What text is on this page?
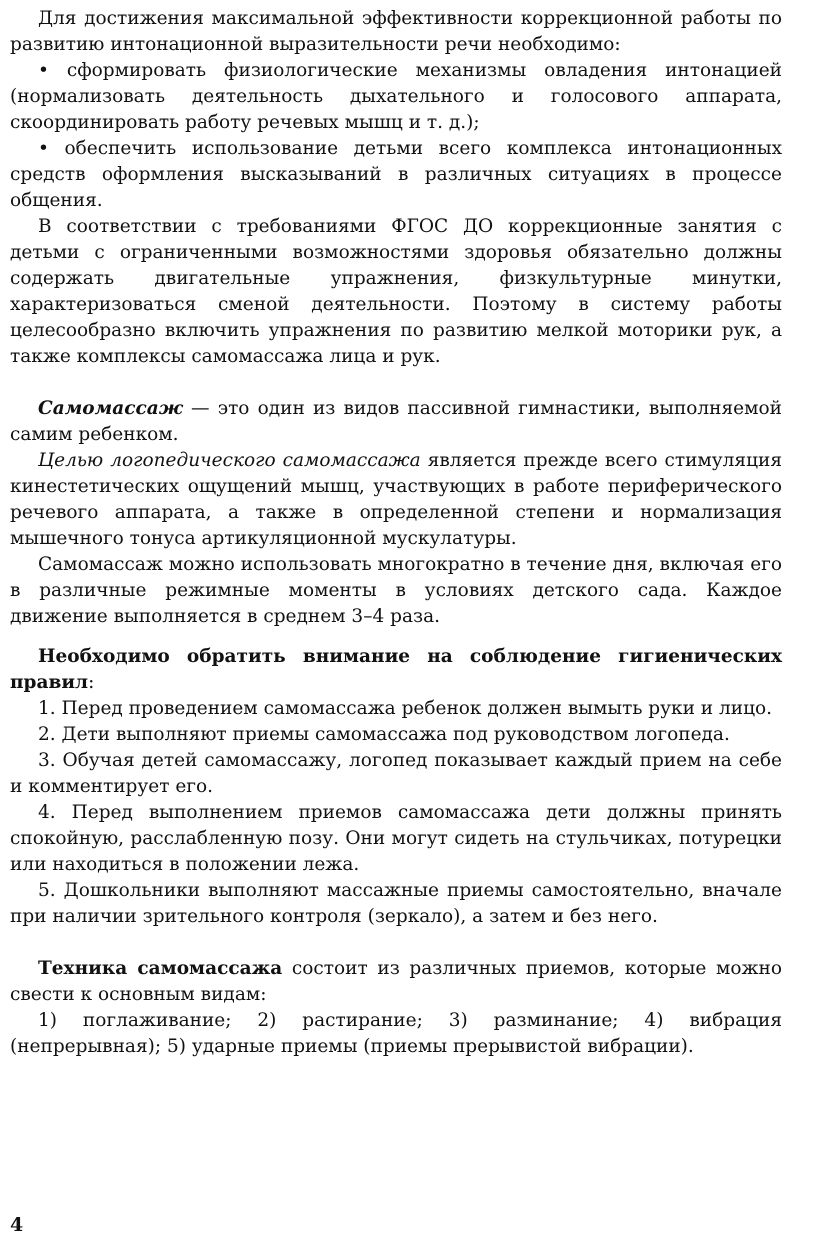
Для достижения максимальной эффективности коррекционной работы по развитию интонационной выразительности речи необходимо:

• сформировать физиологические механизмы овладения интонацией (нормализовать деятельность дыхательного и голосового аппарата, скоординировать работу речевых мышц и т. д.);

• обеспечить использование детьми всего комплекса интонационных средств оформления высказываний в различных ситуациях в процессе общения.

В соответствии с требованиями ФГОС ДО коррекционные занятия с детьми с ограниченными возможностями здоровья обязательно должны содержать двигательные упражнения, физкультурные минутки, характеризоваться сменой деятельности. Поэтому в систему работы целесообразно включить упражнения по развитию мелкой моторики рук, а также комплексы самомассажа лица и рук.

Самомассаж — это один из видов пассивной гимнастики, выполняемой самим ребенком.

Целью логопедического самомассажа является прежде всего стимуляция кинестетических ощущений мышц, участвующих в работе периферического речевого аппарата, а также в определенной степени и нормализация мышечного тонуса артикуляционной мускулатуры.

Самомассаж можно использовать многократно в течение дня, включая его в различные режимные моменты в условиях детского сада. Каждое движение выполняется в среднем 3–4 раза.

Необходимо обратить внимание на соблюдение гигиенических правил:

1. Перед проведением самомассажа ребенок должен вымыть руки и лицо.

2. Дети выполняют приемы самомассажа под руководством логопеда.

3. Обучая детей самомассажу, логопед показывает каждый прием на себе и комментирует его.

4. Перед выполнением приемов самомассажа дети должны принять спокойную, расслабленную позу. Они могут сидеть на стульчиках, потурецки или находиться в положении лежа.

5. Дошкольники выполняют массажные приемы самостоятельно, вначале при наличии зрительного контроля (зеркало), а затем и без него.

Техника самомассажа состоит из различных приемов, которые можно свести к основным видам:

1) поглаживание; 2) растирание; 3) разминание; 4) вибрация (непрерывная); 5) ударные приемы (приемы прерывистой вибрации).

4
